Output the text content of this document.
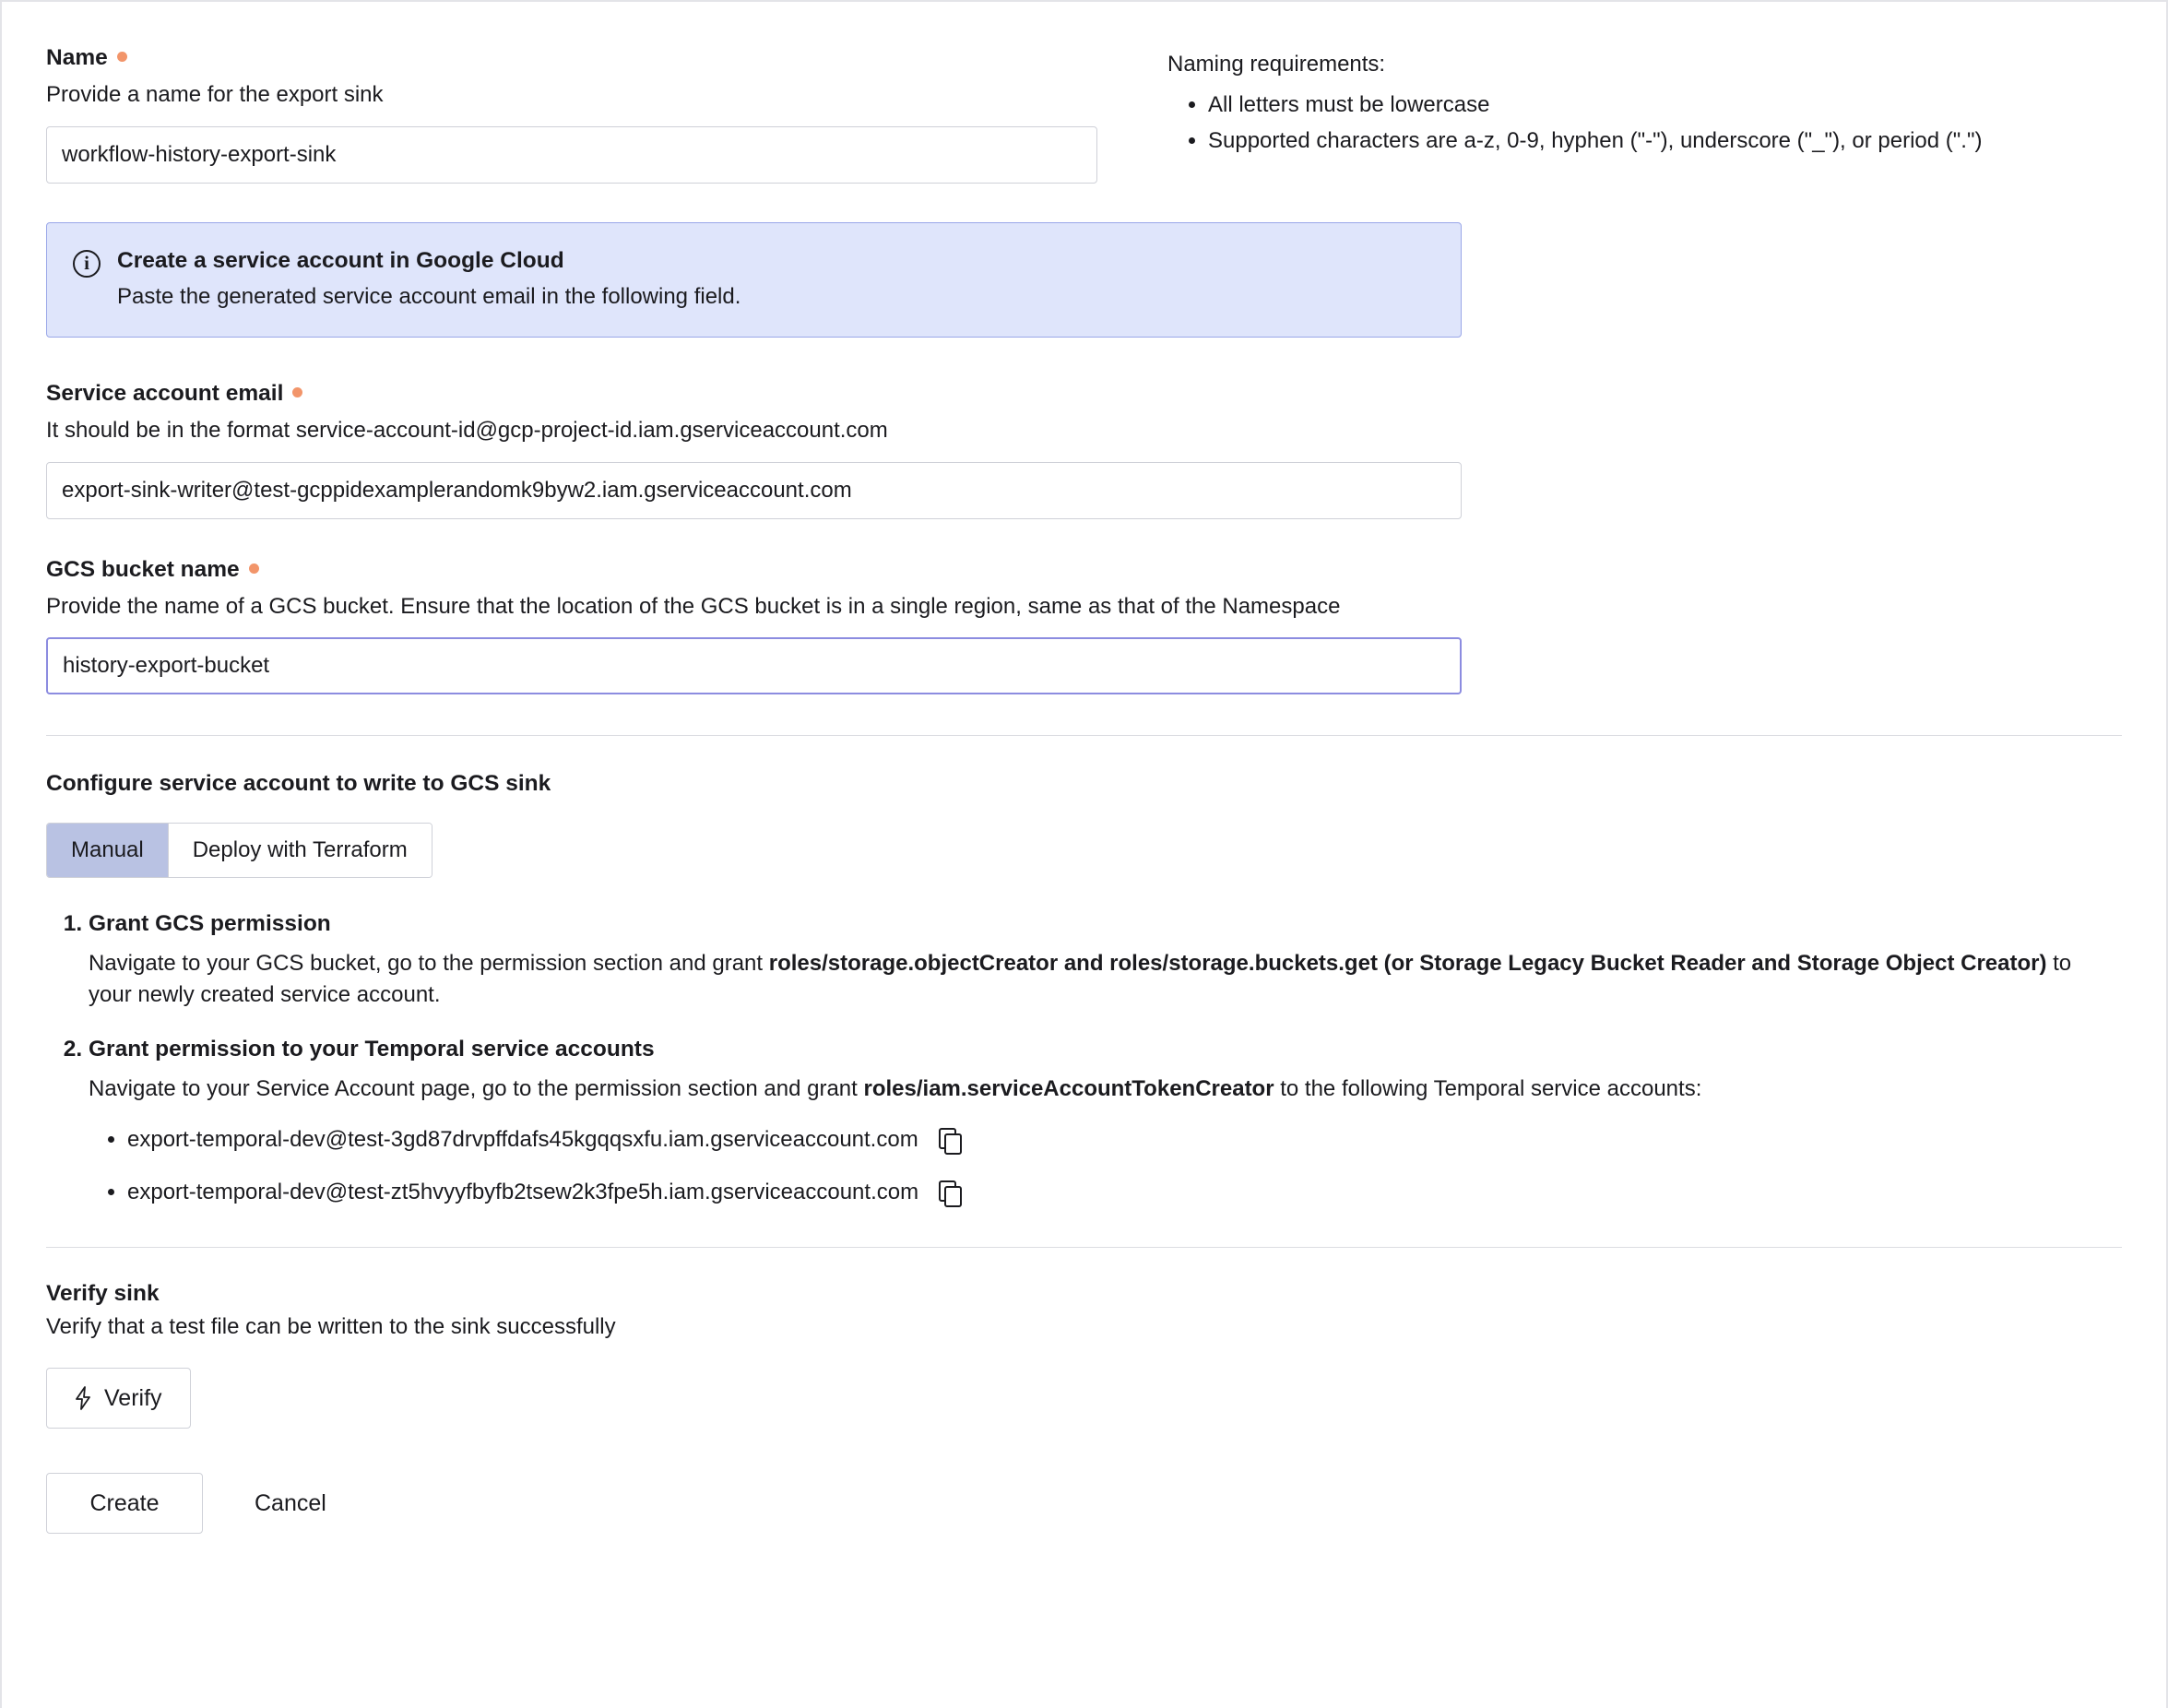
Name

Provide a name for the export sink

workflow-history-export-sink

Naming requirements:

• All letters must be lowercase
• Supported characters are a-z, 0-9, hyphen ("-"), underscore ("_"), or period (".")
i

Create a service account in Google Cloud

Paste the generated service account email in the following field.

Service account email

It should be in the format service-account-id@gcp-project-id.iam.gserviceaccount.com

export-sink-writer@test-gcppidexamplerandomk9byw2.iam.gserviceaccount.com
GCS bucket name

Provide the name of a GCS bucket. Ensure that the location of the GCS bucket is in a single region, same as that of the Namespace

history-export-bucket
Configure service account to write to GCS sink
Manual	Deploy with Terraform
1. Grant GCS permission

Navigate to your GCS bucket, go to the permission section and grant roles/storage.objectCreator and roles/storage.buckets.get (or Storage Legacy Bucket Reader and Storage Object Creator) to your newly created service account.

2. Grant permission to your Temporal service accounts

Navigate to your Service Account page, go to the permission section and grant roles/iam.serviceAccountTokenCreator to the following Temporal service accounts:

• export-temporal-dev@test-3gd87drvpffdafs45kgqqsxfu.iam.gserviceaccount.com
• export-temporal-dev@test-zt5hvyyfbyfb2tsew2k3fpe5h.iam.gserviceaccount.com
Verify sink

Verify that a test file can be written to the sink successfully

Verify
Create	Cancel
